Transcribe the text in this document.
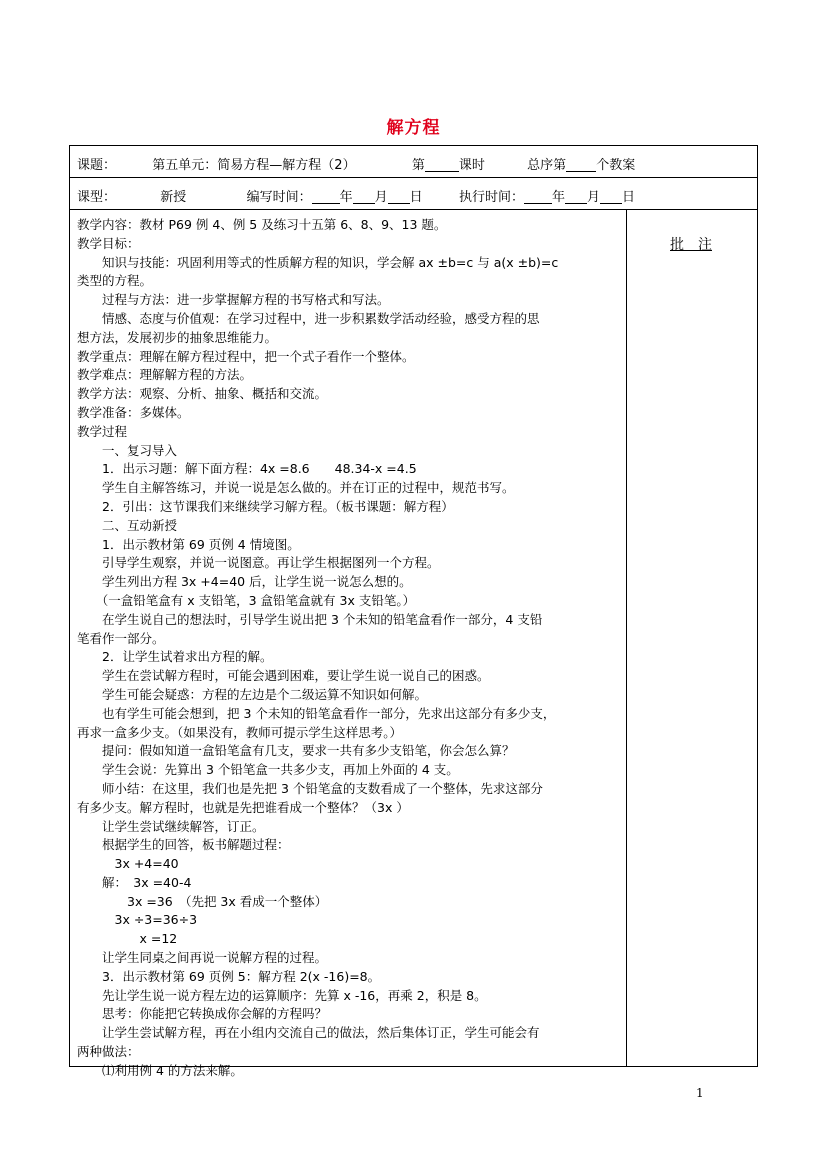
解方程
课题：	第五单元：简易方程—解方程（2）	第	课时	总序第 个教案
课型：	新授	编写时间： 年 月 日	执行时间： 年 月 日
教学内容：教材 P69 例 4、例 5 及练习十五第 6、8、9、13 题。
教学目标：
　　知识与技能：巩固利用等式的性质解方程的知识，学会解 ax ±b=c 与 a(x ±b)=c
类型的方程。
　　过程与方法：进一步掌握解方程的书写格式和写法。
　　情感、态度与价值观：在学习过程中，进一步积累数学活动经验，感受方程的思
想方法，发展初步的抽象思维能力。
教学重点：理解在解方程过程中，把一个式子看作一个整体。
教学难点：理解解方程的方法。
教学方法：观察、分析、抽象、概括和交流。
教学准备：多媒体。
教学过程
　　一、复习导入
　　1．出示习题：解下面方程：4x =8.6　　48.34-x =4.5
　　学生自主解答练习，并说一说是怎么做的。并在订正的过程中，规范书写。
　　2．引出：这节课我们来继续学习解方程。（板书课题：解方程）
　　二、互动新授
　　1．出示教材第 69 页例 4 情境图。
　　引导学生观察，并说一说图意。再让学生根据图列一个方程。
　　学生列出方程 3x +4=40 后，让学生说一说怎么想的。
　　（一盒铅笔盒有 x 支铅笔，3 盒铅笔盒就有 3x 支铅笔。）
　　在学生说自己的想法时，引导学生说出把 3 个未知的铅笔盒看作一部分，4 支铅
笔看作一部分。
　　2．让学生试着求出方程的解。
　　学生在尝试解方程时，可能会遇到困难，要让学生说一说自己的困惑。
　　学生可能会疑惑：方程的左边是个二级运算不知识如何解。
　　也有学生可能会想到，把 3 个未知的铅笔盒看作一部分，先求出这部分有多少支，
再求一盒多少支。（如果没有，教师可提示学生这样思考。）
　　提问：假如知道一盒铅笔盒有几支，要求一共有多少支铅笔，你会怎么算？
　　学生会说：先算出 3 个铅笔盒一共多少支，再加上外面的 4 支。
　　师小结：在这里，我们也是先把 3 个铅笔盒的支数看成了一个整体，先求这部分
有多少支。解方程时，也就是先把谁看成一个整体？（3x ）
　　让学生尝试继续解答，订正。
　　根据学生的回答，板书解题过程：
　　　3x +4=40
　　解：　3x =40-4
　　　　3x =36　（先把 3x 看成一个整体）
　　　3x ÷3=36÷3
　　　　　x =12
　　让学生同桌之间再说一说解方程的过程。
　　3．出示教材第 69 页例 5：解方程 2(x -16)=8。
　　先让学生说一说方程左边的运算顺序：先算 x -16，再乘 2，积是 8。
　　思考：你能把它转换成你会解的方程吗？
　　让学生尝试解方程，再在小组内交流自己的做法，然后集体订正，学生可能会有
两种做法：
　　⑴利用例 4 的方法来解。
批　注
1
